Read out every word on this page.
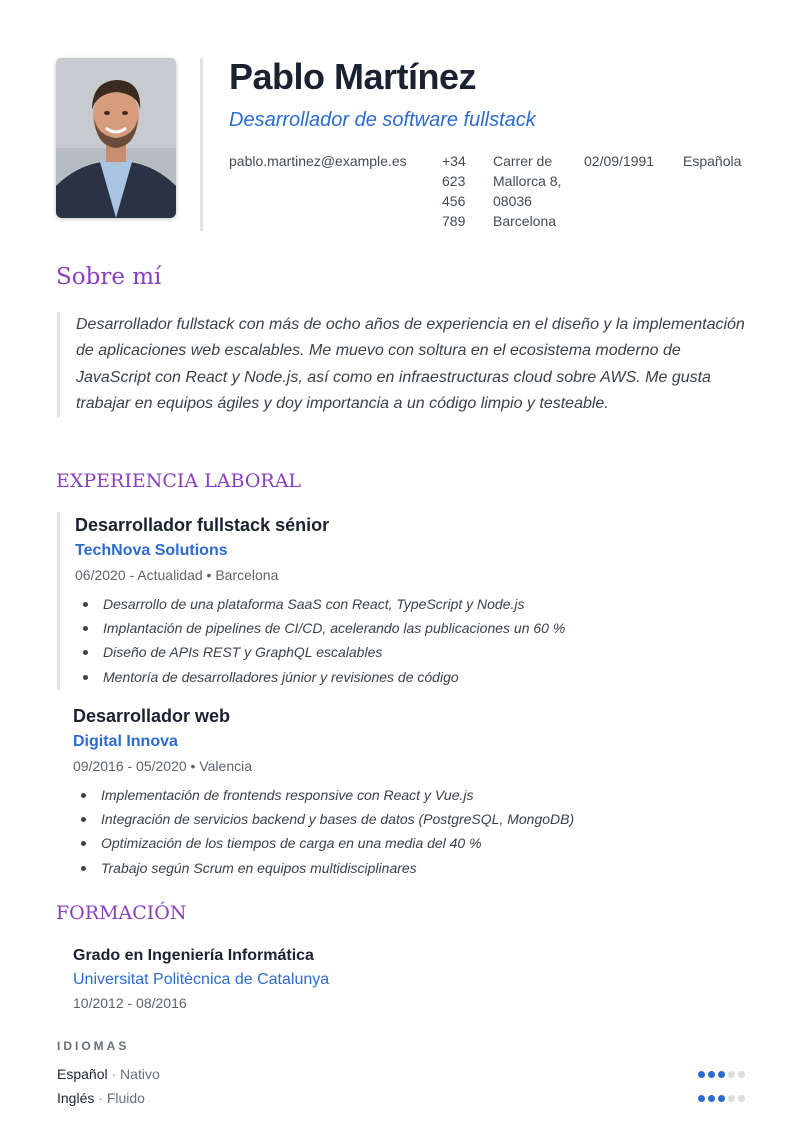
Pablo Martínez
Desarrollador de software fullstack
pablo.martinez@example.es	+34 623 456 789
Carrer de Mallorca 8, 08036 Barcelona
02/09/1991 Española
Sobre mí
Desarrollador fullstack con más de ocho años de experiencia en el diseño y la implementación de aplicaciones web escalables. Me muevo con soltura en el ecosistema moderno de JavaScript con React y Node.js, así como en infraestructuras cloud sobre AWS. Me gusta trabajar en equipos ágiles y doy importancia a un código limpio y testeable.
EXPERIENCIA LABORAL
Desarrollador fullstack sénior
TechNova Solutions
06/2020 - Actualidad • Barcelona
Desarrollo de una plataforma SaaS con React, TypeScript y Node.js
Implantación de pipelines de CI/CD, acelerando las publicaciones un 60 %
Diseño de APIs REST y GraphQL escalables
Mentoría de desarrolladores júnior y revisiones de código
Desarrollador web
Digital Innova
09/2016 - 05/2020 • Valencia
Implementación de frontends responsive con React y Vue.js
Integración de servicios backend y bases de datos (PostgreSQL, MongoDB)
Optimización de los tiempos de carga en una media del 40 %
Trabajo según Scrum en equipos multidisciplinares
FORMACIÓN
Grado en Ingeniería Informática
Universitat Politècnica de Catalunya
10/2012 - 08/2016
IDIOMAS
Español · Nativo
Inglés · Fluido
